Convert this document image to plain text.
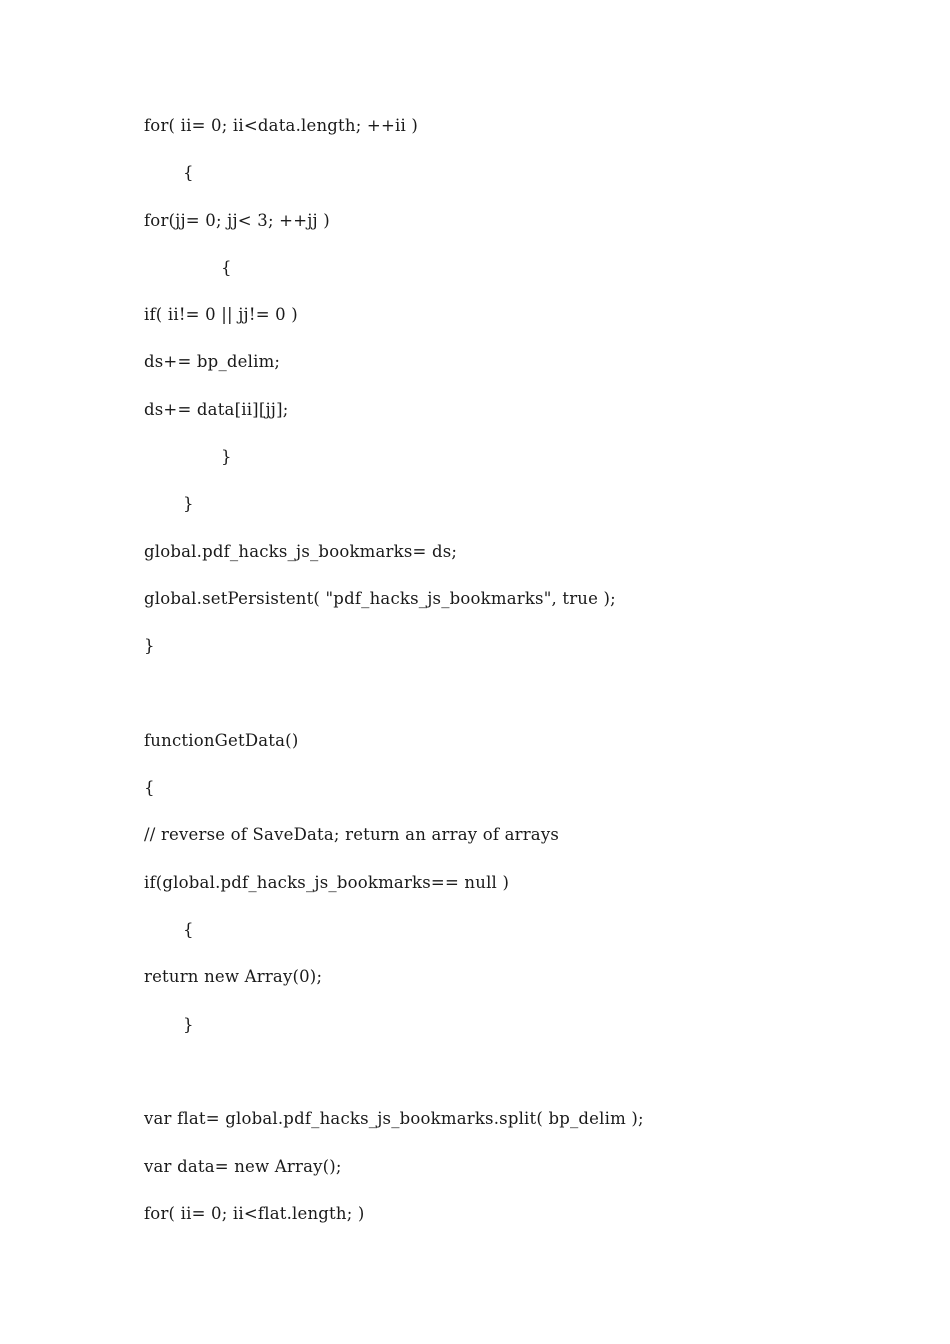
for( ii= 0; ii<data.length; ++ii )
{
for(jj= 0; jj< 3; ++jj )
{
if( ii!= 0 || jj!= 0 )
ds+= bp_delim;
ds+= data[ii][jj];
}
}
global.pdf_hacks_js_bookmarks= ds;
global.setPersistent( "pdf_hacks_js_bookmarks", true );
}
functionGetData()
{
// reverse of SaveData; return an array of arrays
if(global.pdf_hacks_js_bookmarks== null )
{
return new Array(0);
}
var flat= global.pdf_hacks_js_bookmarks.split( bp_delim );
var data= new Array();
for( ii= 0; ii<flat.length; )
